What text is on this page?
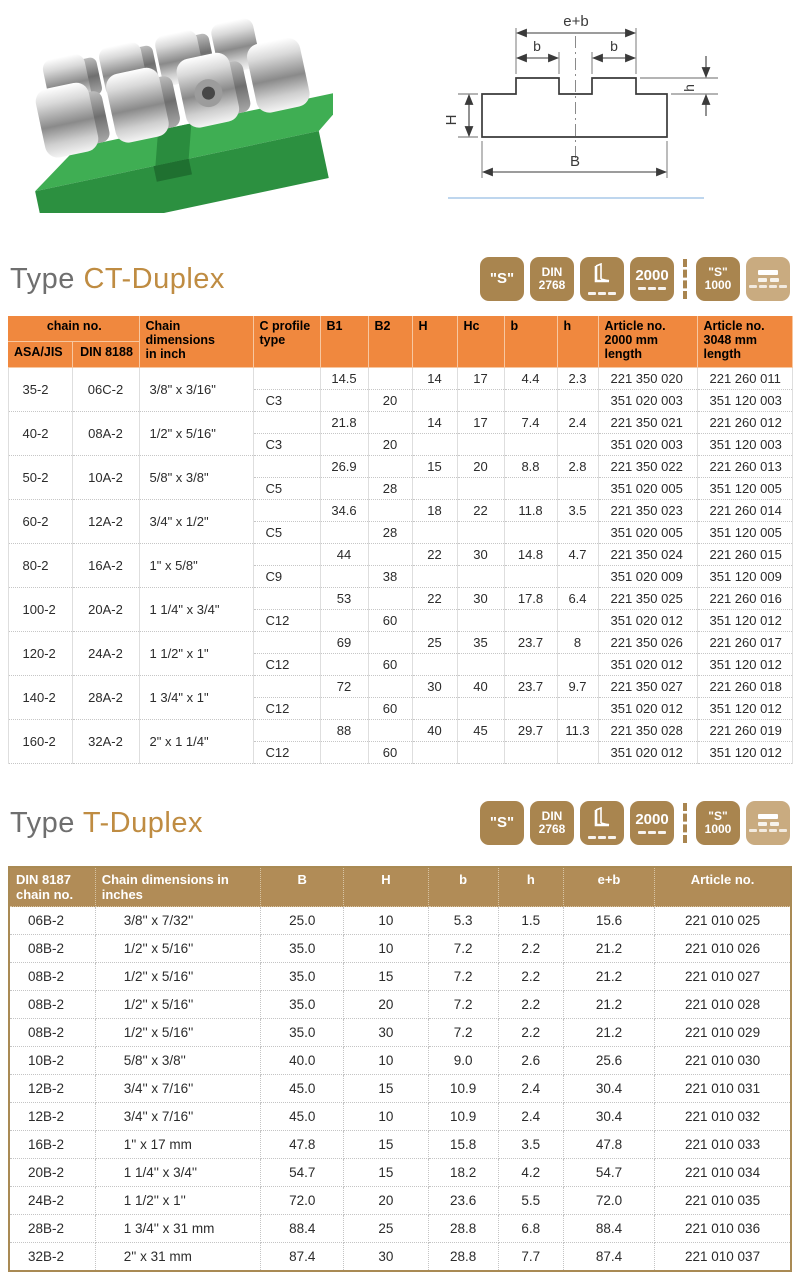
e+b
b	b
H
h
B
Type CT-Duplex	"S" DIN
2768
2000	"S"
1000
chain no.		Chain dimensions
in inch	C profile
type	B1	B2	H	Hc	b	h	Article no.
2000 mm length	Article no.
3048 mm length
ASA/JIS	DIN 8188										
35-2	06C-2	3/8" x 3/16"		14.5		14	17	4.4	2.3	221 350 020	221 260 011
			C3		20					351 020 003	351 120 003
40-2	08A-2	1/2" x 5/16"		21.8		14	17	7.4	2.4	221 350 021	221 260 012
			C3		20					351 020 003	351 120 003
50-2	10A-2	5/8" x 3/8"		26.9		15	20	8.8	2.8	221 350 022	221 260 013
			C5		28					351 020 005	351 120 005
60-2	12A-2	3/4" x 1/2"		34.6		18	22	11.8	3.5	221 350 023	221 260 014
			C5		28					351 020 005	351 120 005
80-2	16A-2	1" x 5/8"		44		22	30	14.8	4.7	221 350 024	221 260 015
			C9		38					351 020 009	351 120 009
100-2	20A-2	1 1/4" x 3/4"		53		22	30	17.8	6.4	221 350 025	221 260 016
			C12		60					351 020 012	351 120 012
120-2	24A-2	1 1/2" x 1"		69		25	35	23.7	8	221 350 026	221 260 017
			C12		60					351 020 012	351 120 012
140-2	28A-2	1 3/4" x 1"		72		30	40	23.7	9.7	221 350 027	221 260 018
			C12		60					351 020 012	351 120 012
160-2	32A-2	2" x 1 1/4"		88		40	45	29.7	11.3	221 350 028	221 260 019
			C12		60					351 020 012	351 120 012
Type T-Duplex	"S" DIN
2768
2000	"S"
1000
DIN 8187
chain no.	Chain dimensions in
inches	B	H	b	h	e+b	Article no.
06B-2	3/8'' x 7/32''	25.0	10	5.3	1.5	15.6	221 010 025
08B-2	1/2'' x 5/16''	35.0	10	7.2	2.2	21.2	221 010 026
08B-2	1/2'' x 5/16''	35.0	15	7.2	2.2	21.2	221 010 027
08B-2	1/2'' x 5/16''	35.0	20	7.2	2.2	21.2	221 010 028
08B-2	1/2'' x 5/16''	35.0	30	7.2	2.2	21.2	221 010 029
10B-2	5/8'' x 3/8''	40.0	10	9.0	2.6	25.6	221 010 030
12B-2	3/4'' x 7/16''	45.0	15	10.9	2.4	30.4	221 010 031
12B-2	3/4'' x 7/16''	45.0	10	10.9	2.4	30.4	221 010 032
16B-2	1'' x 17 mm	47.8	15	15.8	3.5	47.8	221 010 033
20B-2	1 1/4'' x 3/4''	54.7	15	18.2	4.2	54.7	221 010 034
24B-2	1 1/2'' x 1''	72.0	20	23.6	5.5	72.0	221 010 035
28B-2	1 3/4'' x 31 mm	88.4	25	28.8	6.8	88.4	221 010 036
32B-2	2'' x 31 mm	87.4	30	28.8	7.7	87.4	221 010 037
